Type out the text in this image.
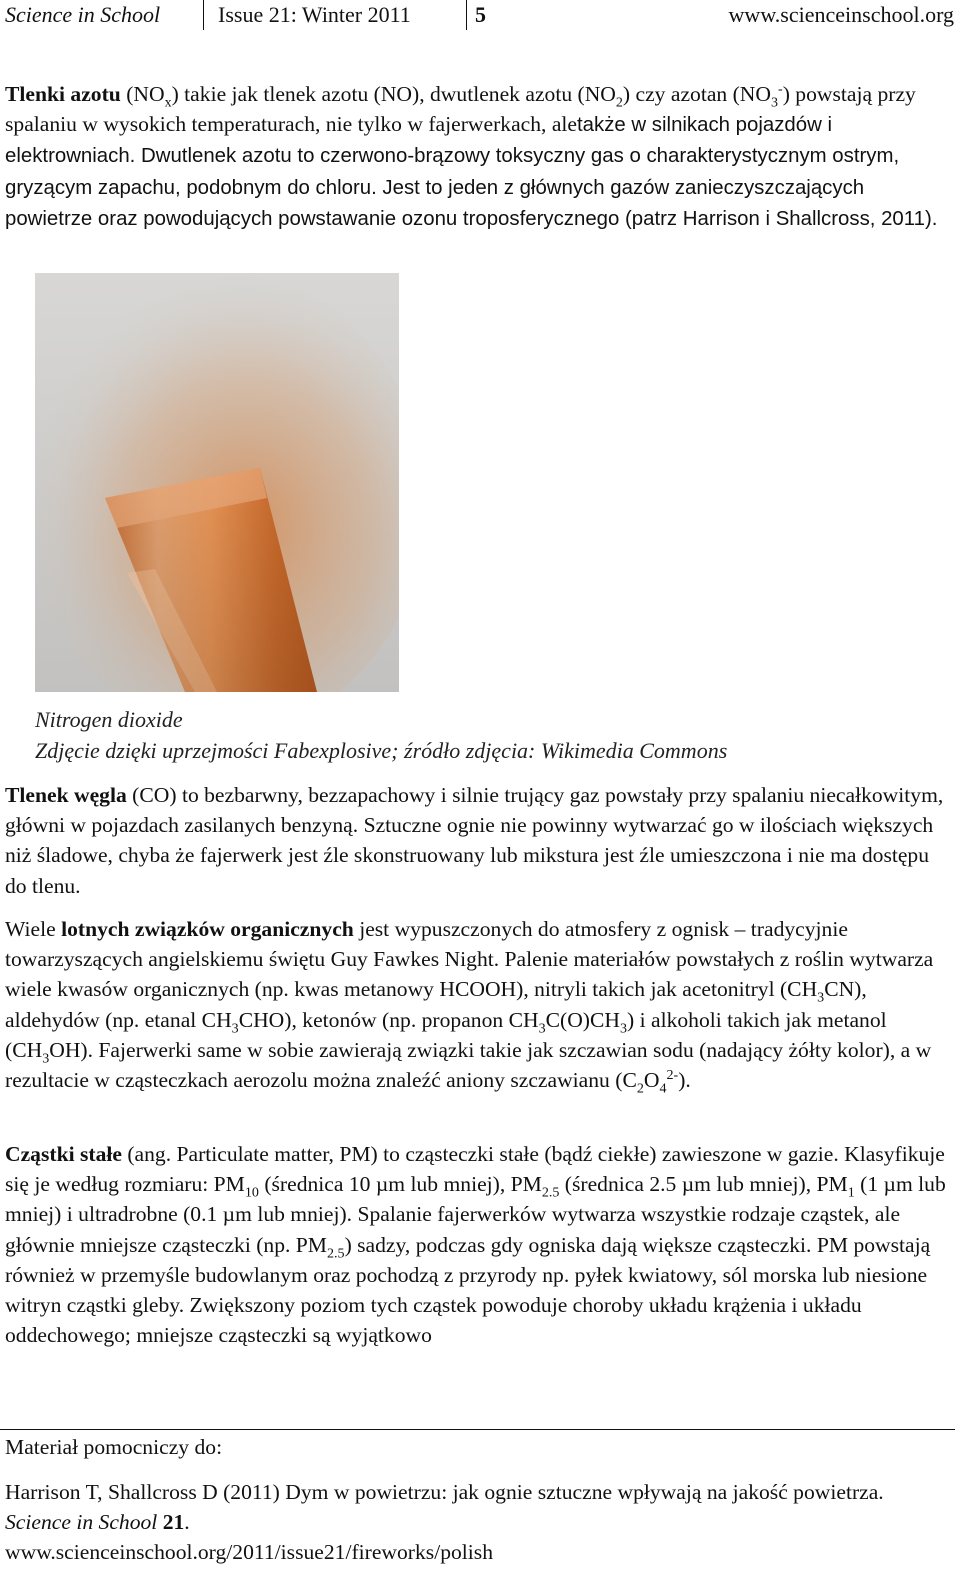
Science in School	Issue 21: Winter 2011	5	www.scienceinschool.org

Tlenki azotu $(NO_x)$ takie jak tlenek azotu (NO), dwutlenek azotu $(NO_2)$ czy azotan $(NO_3^-)$ powstają przy spalaniu w wysokich temperaturach, nie tylko w fajerwerkach, aletakże w silnikach pojazdów i elektrowniach. Dwutlenek azotu to czerwono-brązowy toksyczny gas o charakterystycznym ostrym, gryzącym zapachu, podobnym do chloru. Jest to jeden z głównych gazów zanieczyszczających powietrze oraz powodujących powstawanie ozonu troposferycznego (patrz Harrison i Shallcross, 2011).

Nitrogen dioxide
Zdjęcie dzięki uprzejmości Fabexplosive; źródło zdjęcia: Wikimedia Commons

Tlenek węgla (CO) to bezbarwny, bezzapachowy i silnie trujący gaz powstały przy spalaniu niecałkowitym, główni w pojazdach zasilanych benzyną. Sztuczne ognie nie powinny wytwarzać go w ilościach większych niż śladowe, chyba że fajerwerk jest źle skonstruowany lub mikstura jest źle umieszczona i nie ma dostępu do tlenu.

Wiele lotnych związków organicznych jest wypuszczonych do atmosfery z ognisk – tradycyjnie towarzyszących angielskiemu świętu Guy Fawkes Night. Palenie materiałów powstałych z roślin wytwarza wiele kwasów organicznych (np. kwas metanowy HCOOH), nitryli takich jak acetonitryl $(CH_3CN)$, aldehydów (np. etanal $CH_3CHO$), ketonów (np. propanon $CH_3C(O)CH_3$) i alkoholi takich jak metanol $(CH_3OH)$. Fajerwerki same w sobie zawierają związki takie jak szczawian sodu (nadający żółty kolor), a w rezultacie w cząsteczkach aerozolu można znaleźć aniony szczawianu $(C_2O_4^{2-})$.

Cząstki stałe (ang. Particulate matter, PM) to cząsteczki stałe (bądź ciekłe) zawieszone w gazie. Klasyfikuje się je według rozmiaru: $PM_{10}$ (średnica 10 µm lub mniej), $PM_{2.5}$ (średnica 2.5 µm lub mniej), $PM_1$ (1 µm lub mniej) i ultradrobne (0.1 µm lub mniej). Spalanie fajerwerków wytwarza wszystkie rodzaje cząstek, ale głównie mniejsze cząsteczki (np. $PM_{2.5}$) sadzy, podczas gdy ogniska dają większe cząsteczki. PM powstają również w przemyśle budowlanym oraz pochodzą z przyrody np. pyłek kwiatowy, sól morska lub niesione witryn cząstki gleby. Zwiększony poziom tych cząstek powoduje choroby układu krążenia i układu oddechowego; mniejsze cząsteczki są wyjątkowo

Materiał pomocniczy do:

Harrison T, Shallcross D (2011) Dym w powietrzu: jak ognie sztuczne wpływają na jakość powietrza. Science in School 21.
www.scienceinschool.org/2011/issue21/fireworks/polish
